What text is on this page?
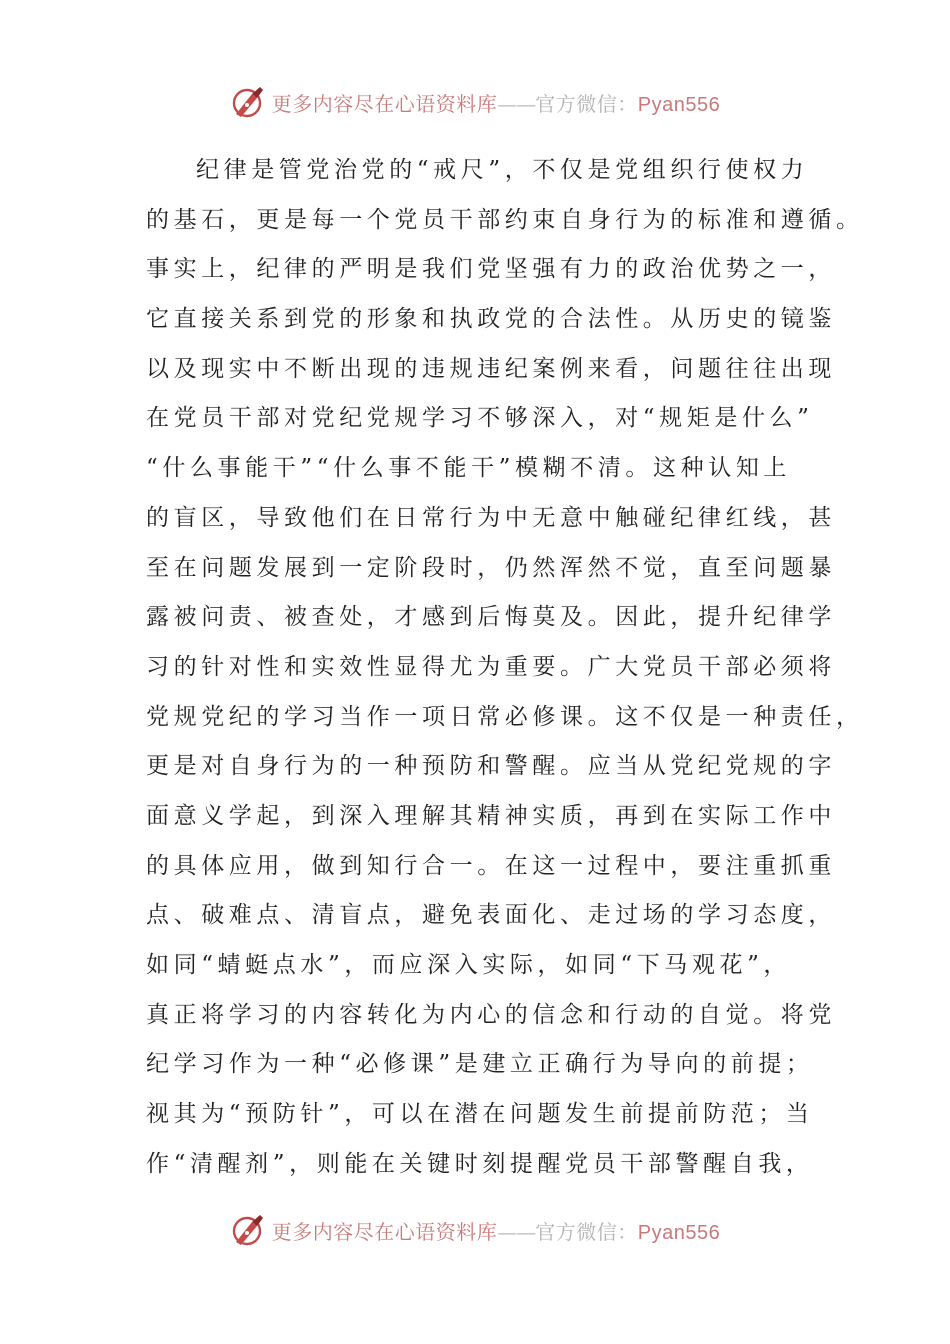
更多内容尽在心语资料库——官方微信：Pyan556
纪律是管党治党的“戒尺”，不仅是党组织行使权力
的基石，更是每一个党员干部约束自身行为的标准和遵循。
事实上，纪律的严明是我们党坚强有力的政治优势之一，
它直接关系到党的形象和执政党的合法性。从历史的镜鉴
以及现实中不断出现的违规违纪案例来看，问题往往出现
在党员干部对党纪党规学习不够深入，对“规矩是什么”
“什么事能干”“什么事不能干”模糊不清。这种认知上
的盲区，导致他们在日常行为中无意中触碰纪律红线，甚
至在问题发展到一定阶段时，仍然浑然不觉，直至问题暴
露被问责、被查处，才感到后悔莫及。因此，提升纪律学
习的针对性和实效性显得尤为重要。广大党员干部必须将
党规党纪的学习当作一项日常必修课。这不仅是一种责任，
更是对自身行为的一种预防和警醒。应当从党纪党规的字
面意义学起，到深入理解其精神实质，再到在实际工作中
的具体应用，做到知行合一。在这一过程中，要注重抓重
点、破难点、清盲点，避免表面化、走过场的学习态度，
如同“蜻蜓点水”，而应深入实际，如同“下马观花”，
真正将学习的内容转化为内心的信念和行动的自觉。将党
纪学习作为一种“必修课”是建立正确行为导向的前提；
视其为“预防针”，可以在潜在问题发生前提前防范；当
作“清醒剂”，则能在关键时刻提醒党员干部警醒自我，
更多内容尽在心语资料库——官方微信：Pyan556
